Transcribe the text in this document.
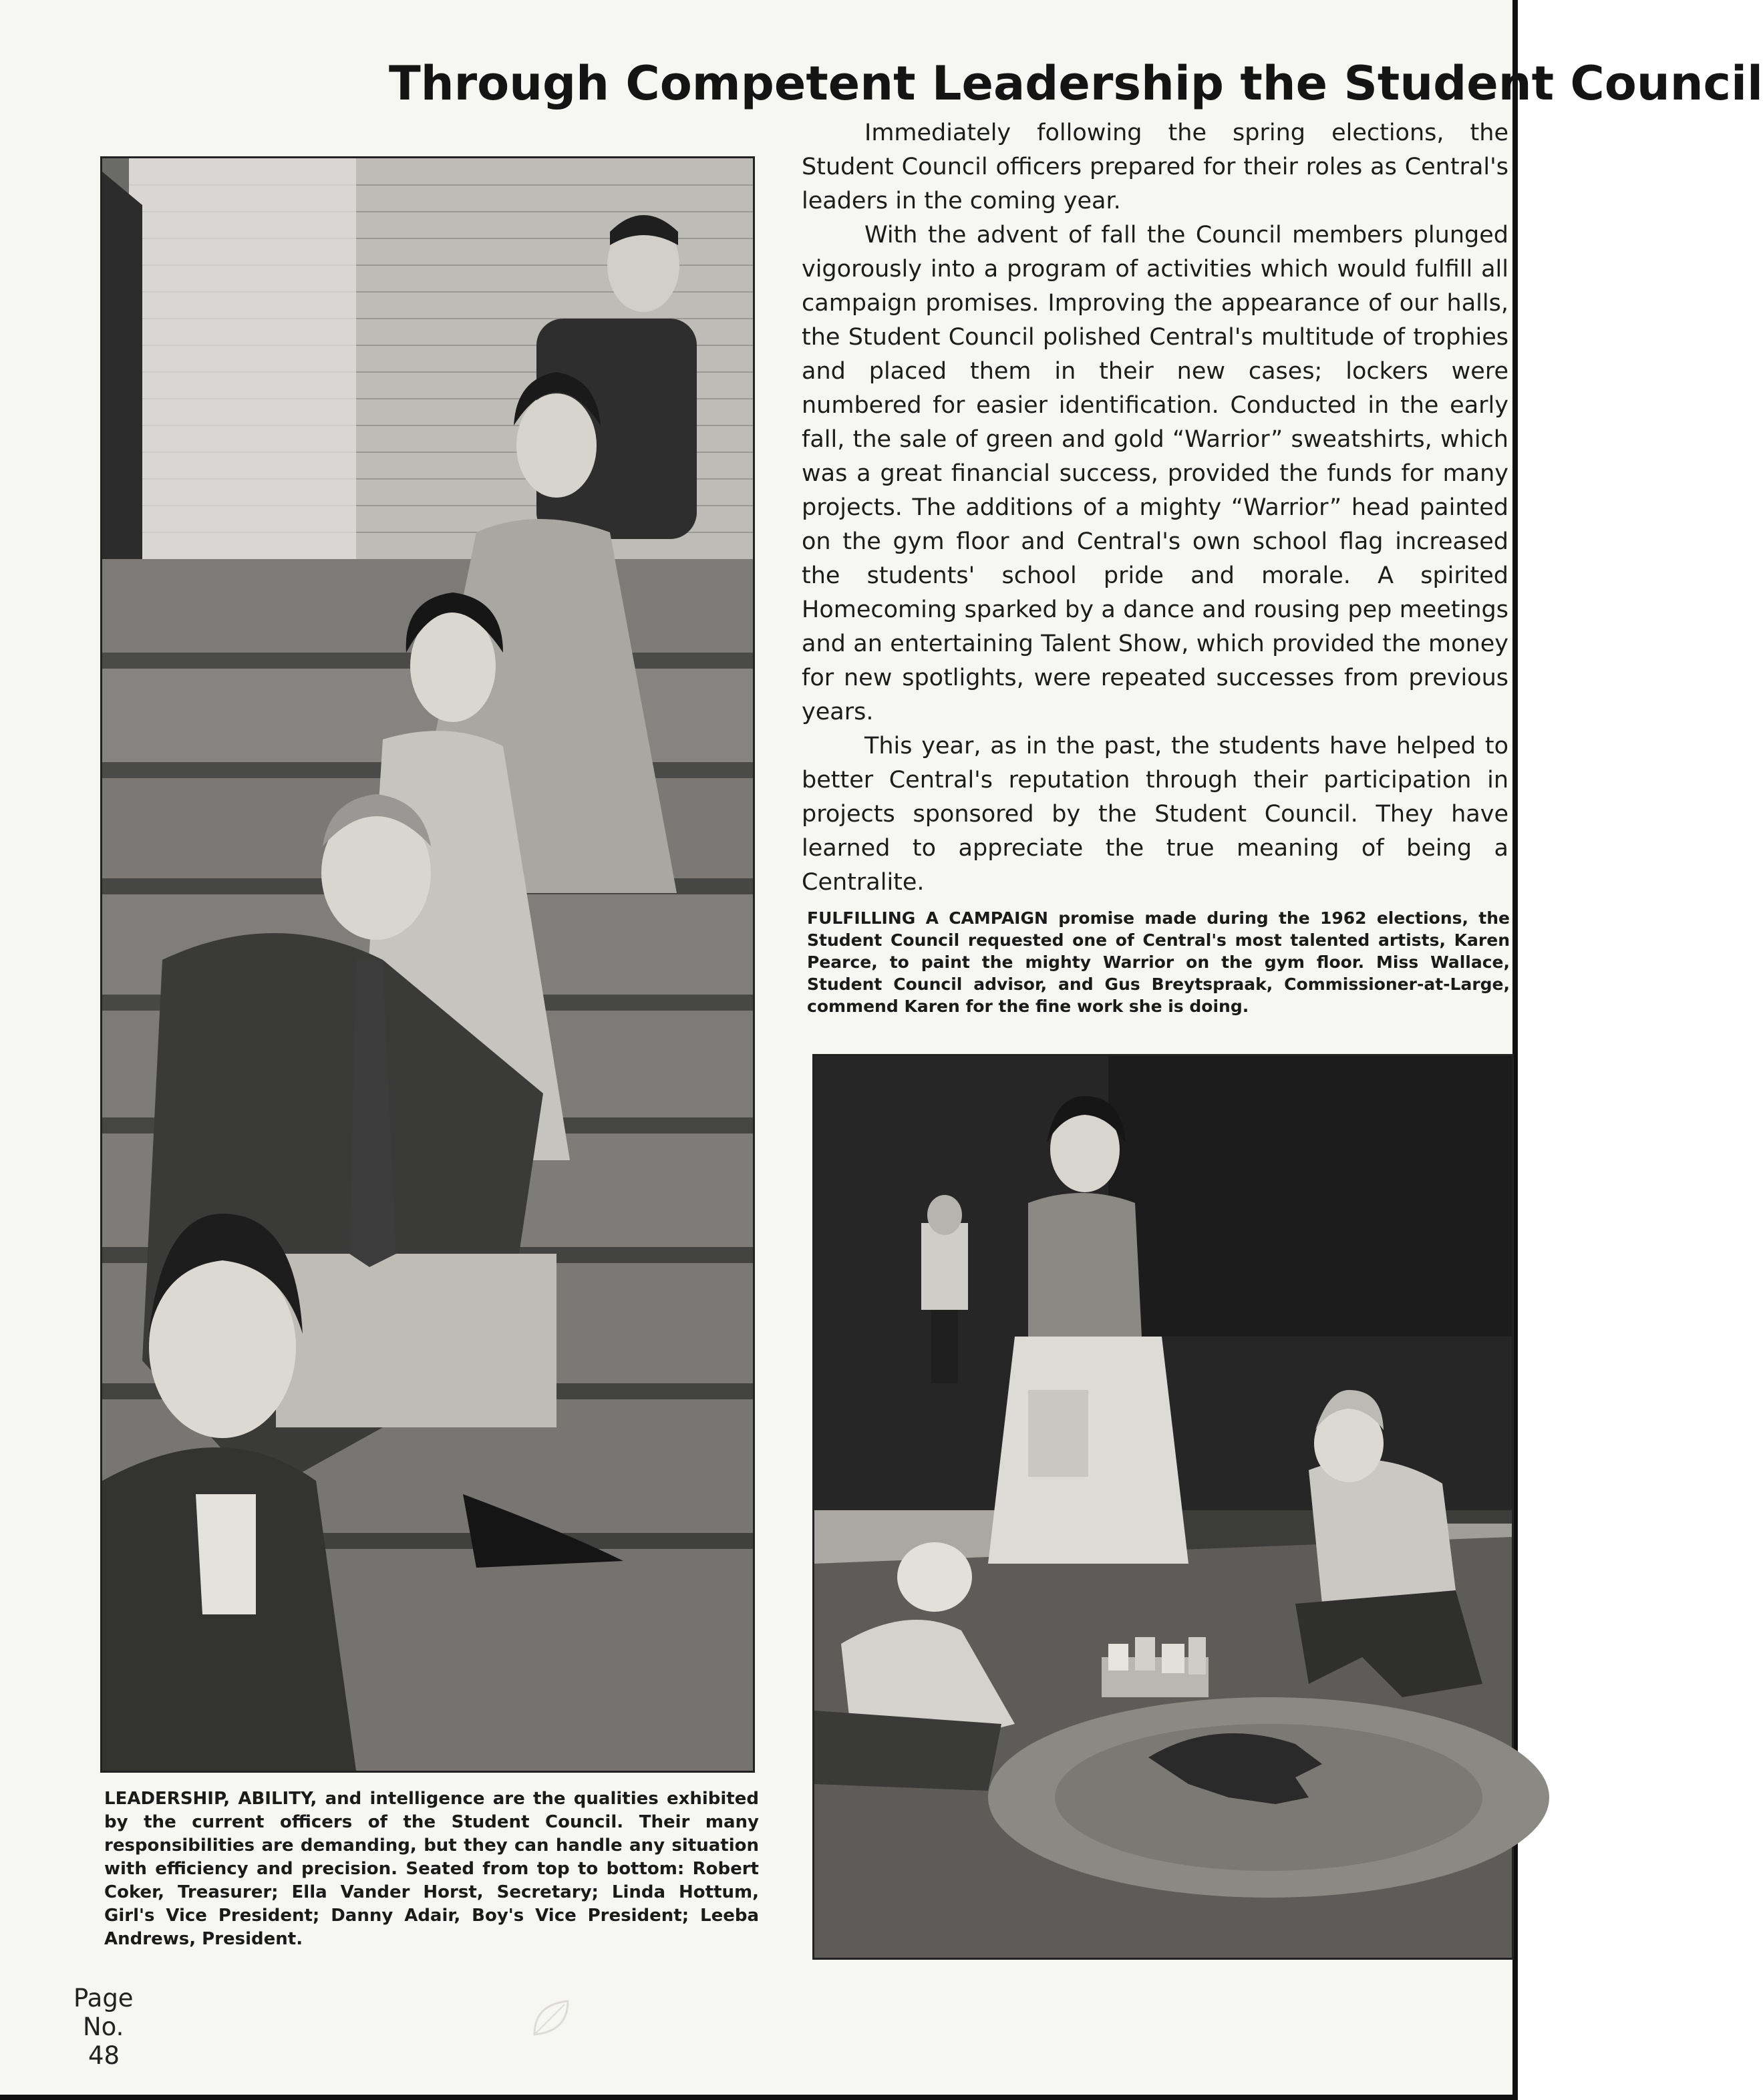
Through Competent Leadership the Student Council

Immediately following the spring elections, the Student Council officers prepared for their roles as Central's leaders in the coming year.

With the advent of fall the Council members plunged vigorously into a program of activities which would fulfill all campaign promises. Improving the appearance of our halls, the Student Council polished Central's multitude of trophies and placed them in their new cases; lockers were numbered for easier identification. Conducted in the early fall, the sale of green and gold “Warrior” sweatshirts, which was a great financial success, provided the funds for many projects. The additions of a mighty “Warrior” head painted on the gym floor and Central's own school flag increased the students' school pride and morale. A spirited Homecoming sparked by a dance and rousing pep meetings and an entertaining Talent Show, which provided the money for new spotlights, were repeated successes from previous years.

This year, as in the past, the students have helped to better Central's reputation through their participation in projects sponsored by the Student Council. They have learned to appreciate the true meaning of being a Centralite.

FULFILLING A CAMPAIGN promise made during the 1962 elections, the Student Council requested one of Central's most talented artists, Karen Pearce, to paint the mighty Warrior on the gym floor. Miss Wallace, Student Council advisor, and Gus Breytspraak, Commissioner-at-Large, commend Karen for the fine work she is doing.
LEADERSHIP, ABILITY, and intelligence are the qualities exhibited by the current officers of the Student Council. Their many responsibilities are demanding, but they can handle any situation with efficiency and precision. Seated from top to bottom: Robert Coker, Treasurer; Ella Vander Horst, Secretary; Linda Hottum, Girl's Vice President; Danny Adair, Boy's Vice President; Leeba Andrews, President.
Page
No.
48
